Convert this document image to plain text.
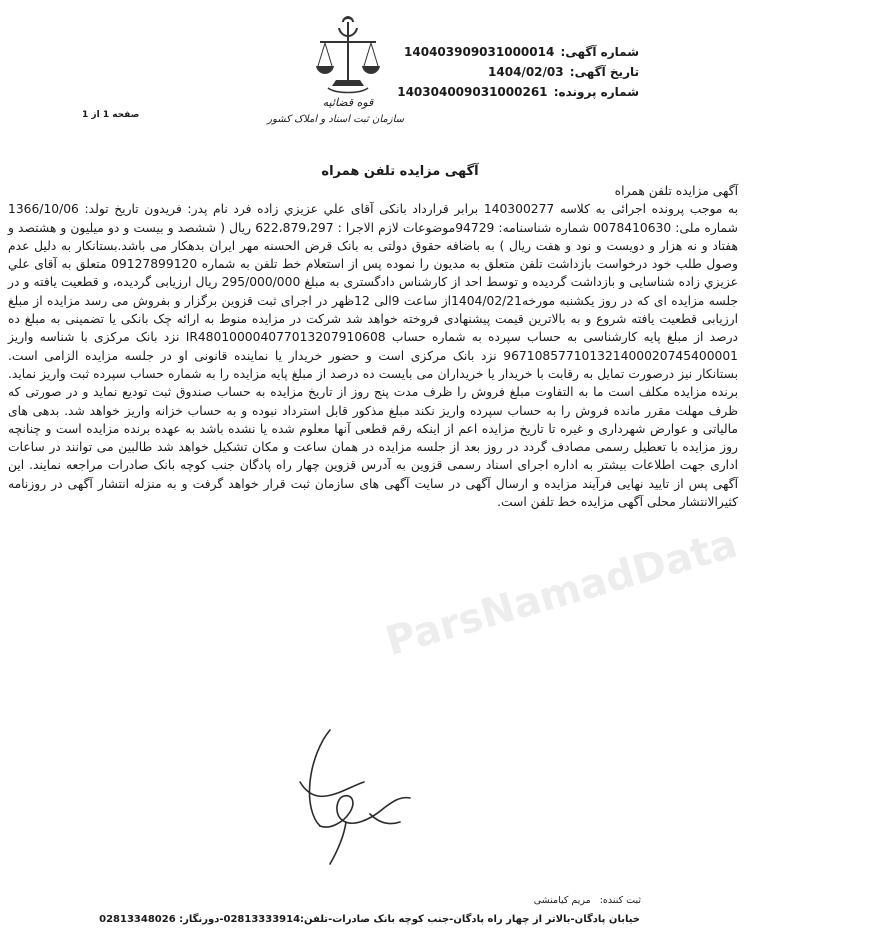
قوه قضائیه
سازمان ثبت اسناد و املاک کشور
شماره آگهی: 140403909031000014
تاریخ آگهی: 1404/02/03
شماره پرونده: 140304009031000261
صفحه 1 از 1
آگهی مزایده تلفن همراه
ParsNamadData

آگهی مزایده تلفن همراه

به موجب پرونده اجرائی به کلاسه 140300277 برابر قرارداد بانکی آقای علي عزيزي زاده فرد نام پدر: فريدون تاریخ تولد: 1366/10/06 شماره ملی: 0078410630 شماره شناسنامه: 94729موضوعات لازم الاجرا : 622،879،297 ریال ( ششصد و بیست و دو میلیون و هشتصد و هفتاد و نه هزار و دویست و نود و هفت ریال ) به باضافه حقوق دولتی به بانک قرض الحسنه مهر ایران بدهکار می باشد.بستانکار به دلیل عدم وصول طلب خود درخواست بازداشت تلفن متعلق به مدیون را نموده پس از استعلام خط تلفن به شماره 09127899120 متعلق به آقای علي عزيزي زاده شناسایی و بازداشت گردیده و توسط احد از کارشناس دادگستری به مبلغ 295/000/000 ریال ارزیابی گردیده، و قطعیت یافته و در جلسه مزایده ای که در روز یکشنبه مورخه1404/02/21از ساعت 9الی 12ظهر در اجرای ثبت قزوین برگزار و بفروش می رسد مزایده از مبلغ ارزیابی قطعیت یافته شروع و به بالاترین قیمت پیشنهادی فروخته خواهد شد شرکت در مزایده منوط به ارائه چک بانکی یا تضمینی به مبلغ ده درصد از مبلغ پایه کارشناسی به حساب سپرده به شماره حساب IR480100004077013207910608 نزد بانک مرکزی با شناسه واریز 967108577101321400020745400001 نزد بانک مرکزی است و حضور خریدار یا نماینده قانونی او در جلسه مزایده الزامی است. بستانکار نیز درصورت تمایل به رقابت با خریدار یا خریداران می بایست ده درصد از مبلغ پایه مزایده را به شماره حساب سپرده ثبت واریز نماید. برنده مزایده مکلف است ما به التفاوت مبلغ فروش را ظرف مدت پنج روز از تاریخ مزایده به حساب صندوق ثبت تودیع نماید و در صورتی که ظرف مهلت مقرر مانده فروش را به حساب سپرده واریز نکند مبلغ مذکور قابل استرداد نبوده و به حساب خزانه واریز خواهد شد. بدهی های مالیاتی و عوارض شهرداری و غیره تا تاریخ مزایده اعم از اینکه رقم قطعی آنها معلوم شده یا نشده باشد به عهده برنده مزایده است و چنانچه روز مزایده با تعطیل رسمی مصادف گردد در روز بعد از جلسه مزایده در همان ساعت و مکان تشکیل خواهد شد طالبین می توانند در ساعات اداری جهت اطلاعات بیشتر به اداره اجرای اسناد رسمی قزوین به آدرس قزوین چهار راه پادگان جنب کوچه بانک صادرات مراجعه نمایند. این آگهی پس از تایید نهایی فرآیند مزایده و ارسال آگهی در سایت آگهی های سازمان ثبت قرار خواهد گرفت و به منزله انتشار آگهی در روزنامه کثیرالانتشار محلی آگهی مزایده خط تلفن است.

ثبت کننده: مریم کیامنشی
خیابان پادگان-بالاتر از چهار راه پادگان-جنب کوچه بانک صادرات-تلفن:02813333914-دورنگار: 02813348026
